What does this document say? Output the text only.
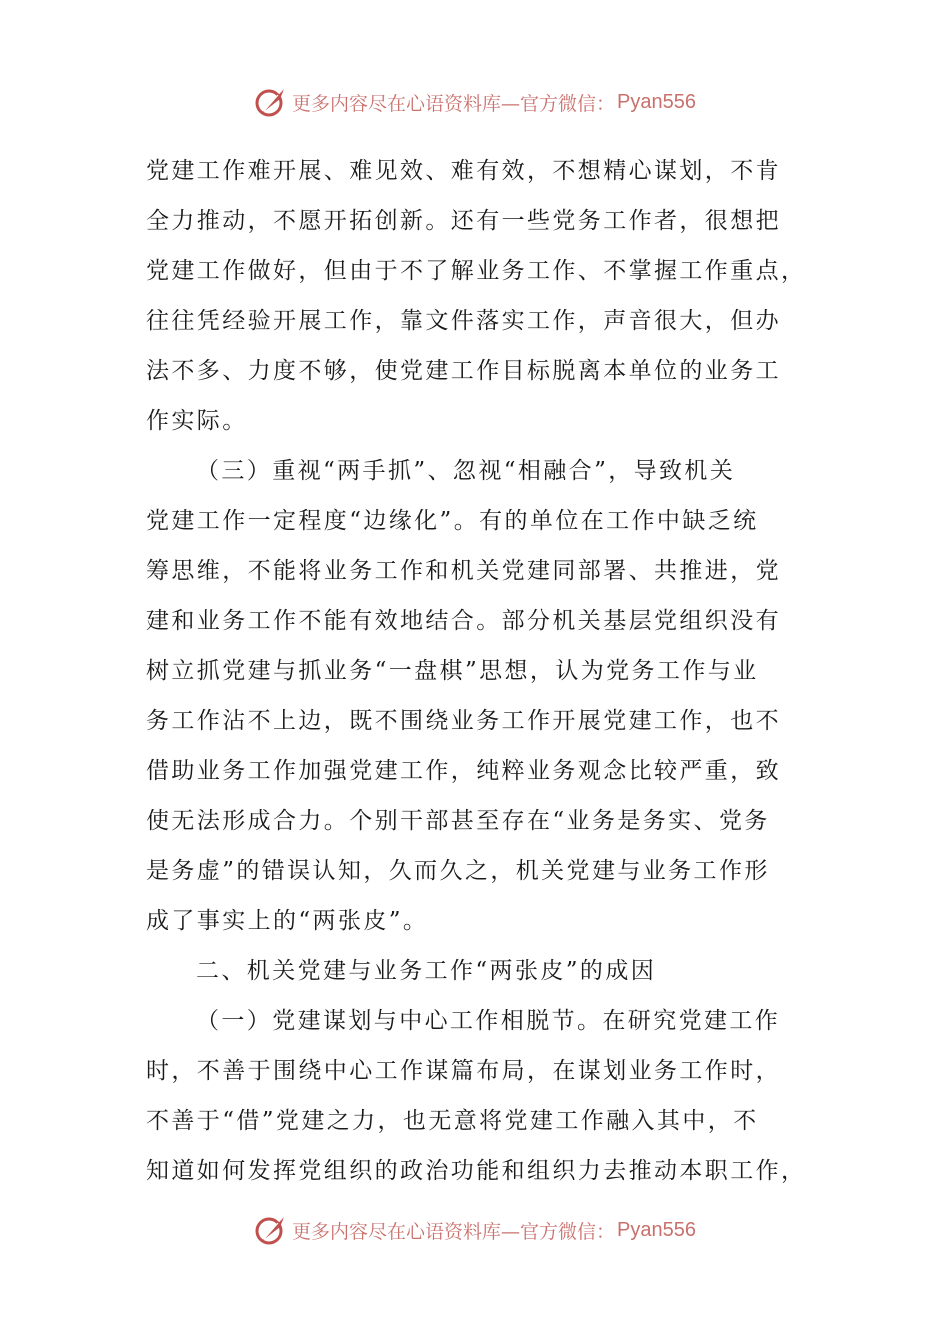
更多内容尽在心语资料库—官方微信： Pyan556
党建工作难开展、难见效、难有效，不想精心谋划，不肯
全力推动，不愿开拓创新。还有一些党务工作者，很想把
党建工作做好，但由于不了解业务工作、不掌握工作重点，
往往凭经验开展工作，靠文件落实工作，声音很大，但办
法不多、力度不够，使党建工作目标脱离本单位的业务工
作实际。
（三）重视“两手抓”、忽视“相融合”，导致机关
党建工作一定程度“边缘化”。有的单位在工作中缺乏统
筹思维，不能将业务工作和机关党建同部署、共推进，党
建和业务工作不能有效地结合。部分机关基层党组织没有
树立抓党建与抓业务“一盘棋”思想，认为党务工作与业
务工作沾不上边，既不围绕业务工作开展党建工作，也不
借助业务工作加强党建工作，纯粹业务观念比较严重，致
使无法形成合力。个别干部甚至存在“业务是务实、党务
是务虚”的错误认知，久而久之，机关党建与业务工作形
成了事实上的“两张皮”。
二、机关党建与业务工作“两张皮”的成因
（一）党建谋划与中心工作相脱节。在研究党建工作
时，不善于围绕中心工作谋篇布局，在谋划业务工作时，
不善于“借”党建之力，也无意将党建工作融入其中，不
知道如何发挥党组织的政治功能和组织力去推动本职工作，
更多内容尽在心语资料库—官方微信： Pyan556
